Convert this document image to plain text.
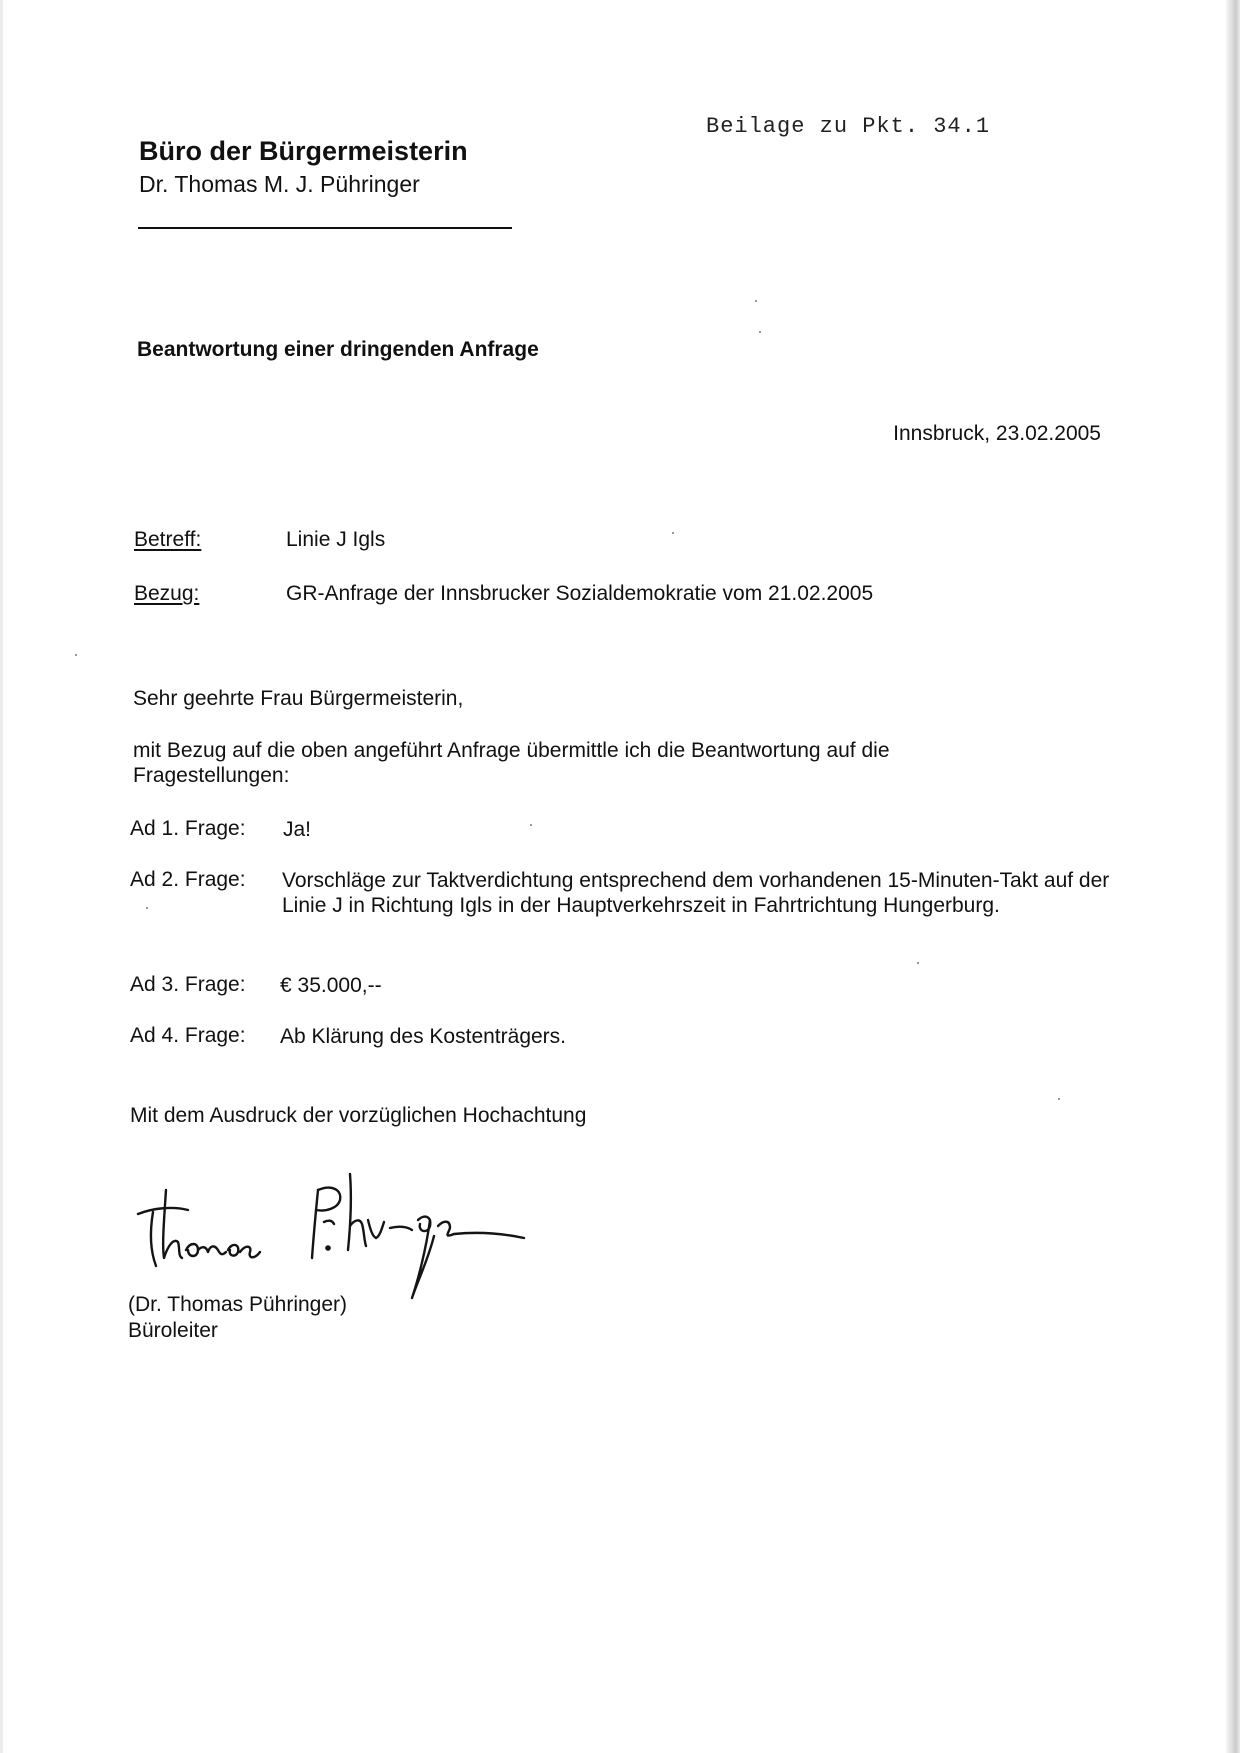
Beilage zu Pkt. 34.1
Büro der Bürgermeisterin
Dr. Thomas M. J. Pühringer
Beantwortung einer dringenden Anfrage
Innsbruck, 23.02.2005
Betreff:	Linie J Igls
Bezug:	GR-Anfrage der Innsbrucker Sozialdemokratie vom 21.02.2005
Sehr geehrte Frau Bürgermeisterin,
mit Bezug auf die oben angeführt Anfrage übermittle ich die Beantwortung auf die
Fragestellungen:
Ad 1. Frage: Ja!
Ad 2. Frage: Vorschläge zur Taktverdichtung entsprechend dem vorhandenen 15-Minuten-Takt auf der Linie J in Richtung Igls in der Hauptverkehrszeit in Fahrtrichtung Hungerburg.
Ad 3. Frage: € 35.000,--
Ad 4. Frage: Ab Klärung des Kostenträgers.
Mit dem Ausdruck der vorzüglichen Hochachtung
(Dr. Thomas Pühringer)
Büroleiter
